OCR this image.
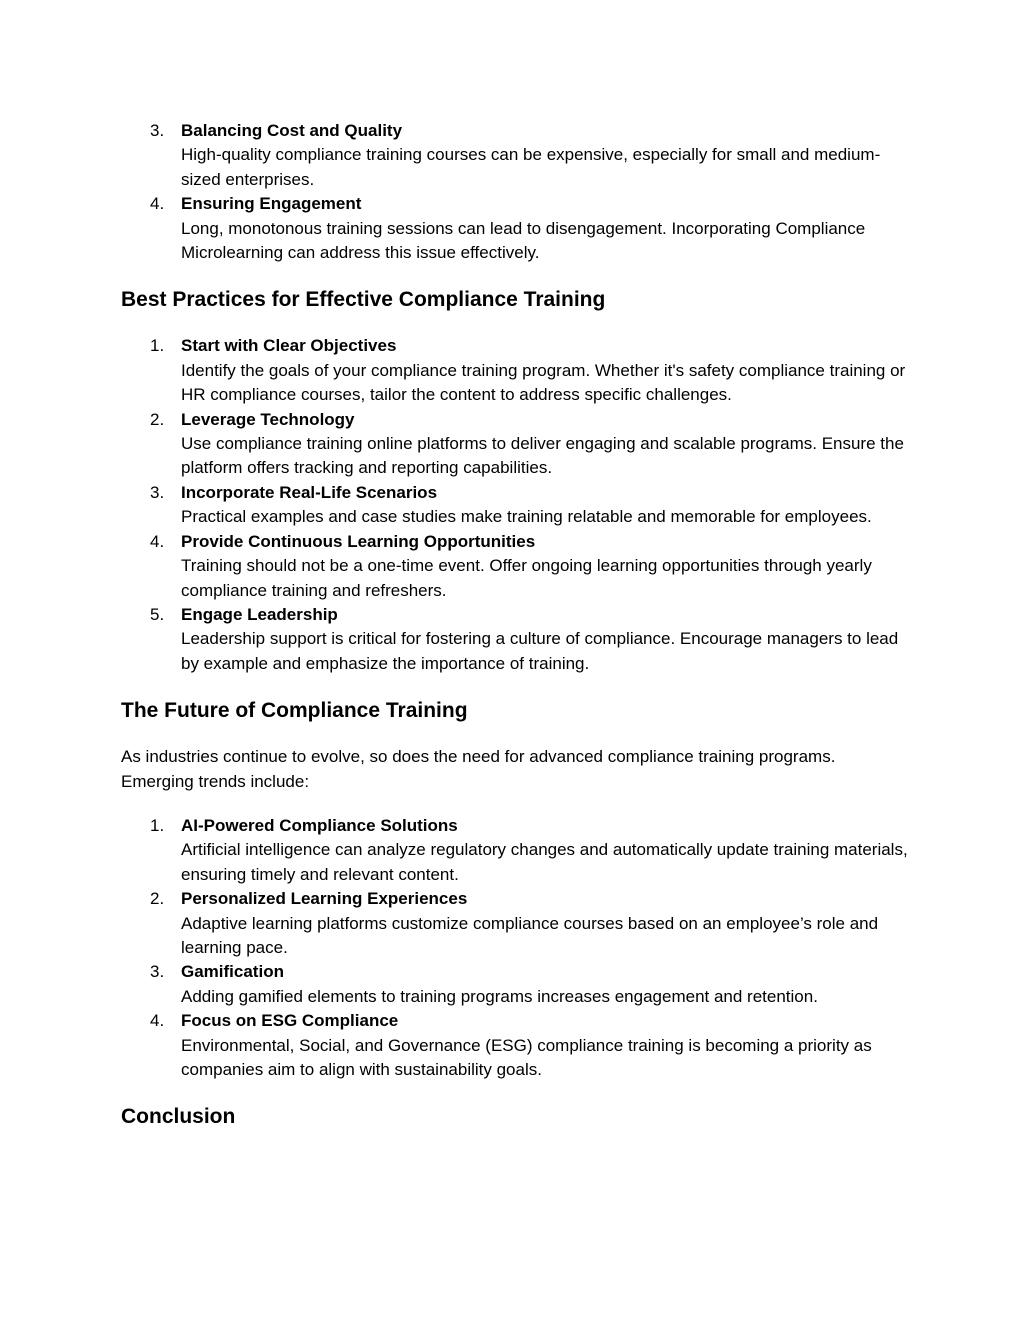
3. Balancing Cost and Quality
High-quality compliance training courses can be expensive, especially for small and medium-sized enterprises.
4. Ensuring Engagement
Long, monotonous training sessions can lead to disengagement. Incorporating Compliance Microlearning can address this issue effectively.
Best Practices for Effective Compliance Training
1. Start with Clear Objectives
Identify the goals of your compliance training program. Whether it's safety compliance training or HR compliance courses, tailor the content to address specific challenges.
2. Leverage Technology
Use compliance training online platforms to deliver engaging and scalable programs. Ensure the platform offers tracking and reporting capabilities.
3. Incorporate Real-Life Scenarios
Practical examples and case studies make training relatable and memorable for employees.
4. Provide Continuous Learning Opportunities
Training should not be a one-time event. Offer ongoing learning opportunities through yearly compliance training and refreshers.
5. Engage Leadership
Leadership support is critical for fostering a culture of compliance. Encourage managers to lead by example and emphasize the importance of training.
The Future of Compliance Training

As industries continue to evolve, so does the need for advanced compliance training programs. Emerging trends include:

1. AI-Powered Compliance Solutions
Artificial intelligence can analyze regulatory changes and automatically update training materials, ensuring timely and relevant content.
2. Personalized Learning Experiences
Adaptive learning platforms customize compliance courses based on an employee’s role and learning pace.
3. Gamification
Adding gamified elements to training programs increases engagement and retention.
4. Focus on ESG Compliance
Environmental, Social, and Governance (ESG) compliance training is becoming a priority as companies aim to align with sustainability goals.
Conclusion
